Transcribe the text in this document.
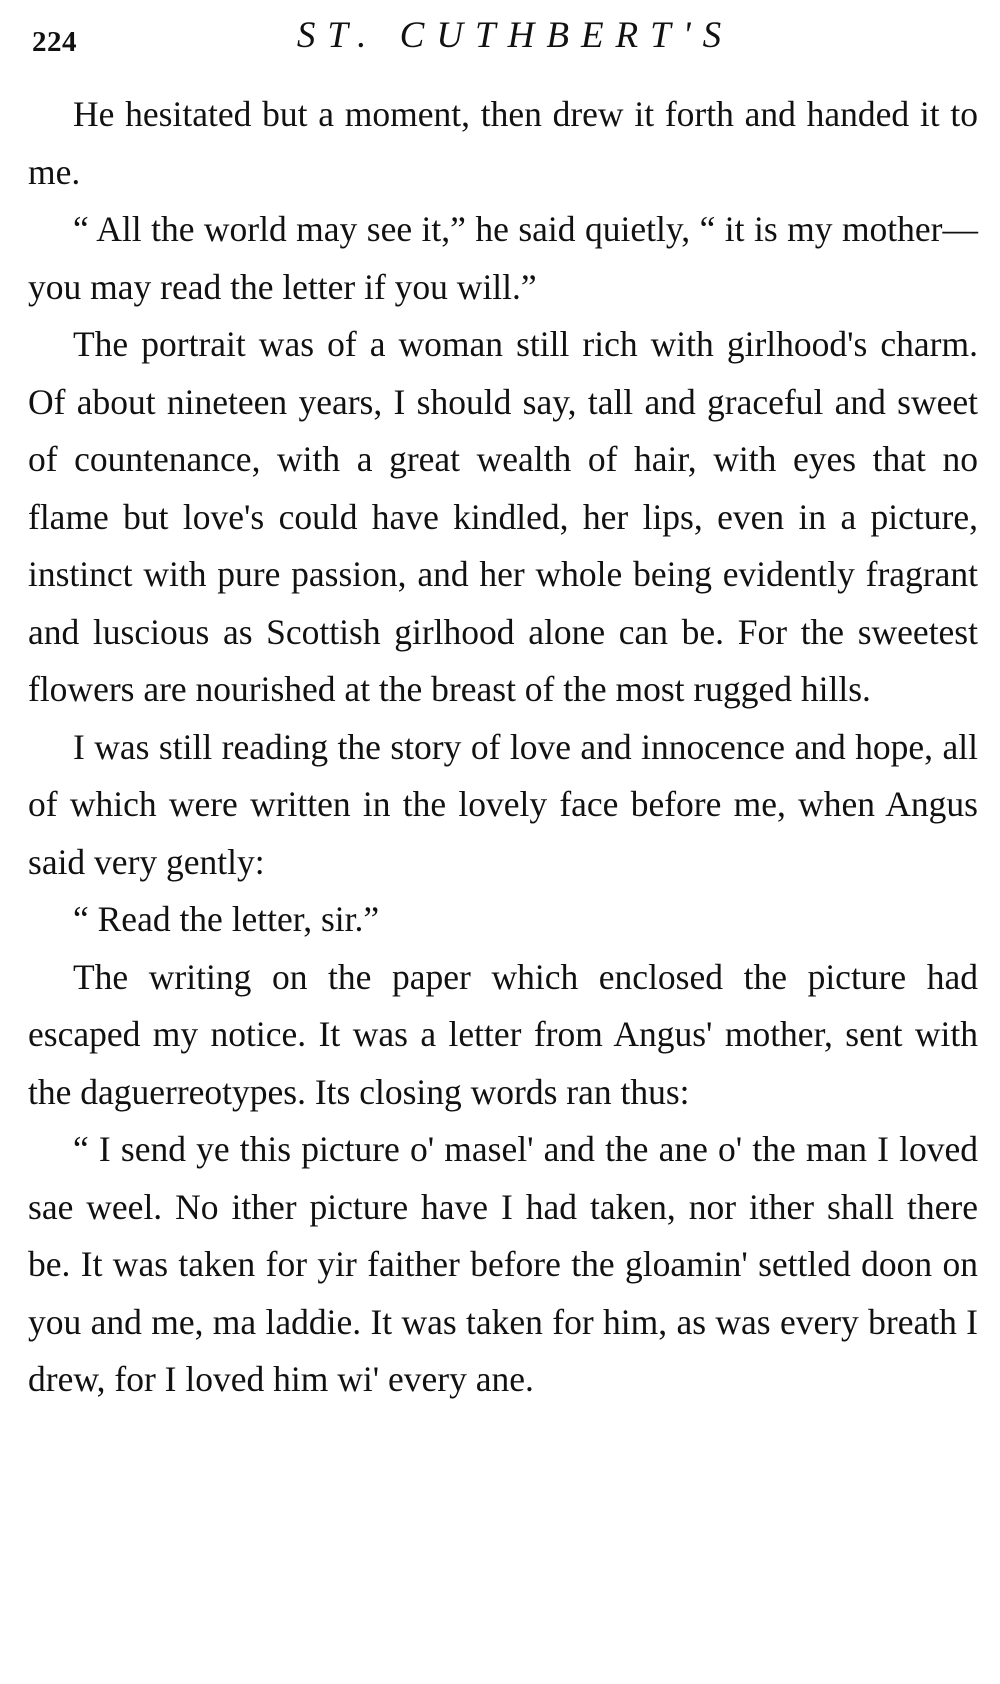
224	ST. CUTHBERT'S

He hesitated but a moment, then drew it forth and handed it to me.

“ All the world may see it,” he said quietly, “ it is my mother—you may read the letter if you will.”

The portrait was of a woman still rich with girlhood's charm. Of about nineteen years, I should say, tall and graceful and sweet of countenance, with a great wealth of hair, with eyes that no flame but love's could have kindled, her lips, even in a picture, instinct with pure passion, and her whole being evidently fragrant and luscious as Scottish girlhood alone can be. For the sweetest flowers are nourished at the breast of the most rugged hills.

I was still reading the story of love and innocence and hope, all of which were written in the lovely face before me, when Angus said very gently:

“ Read the letter, sir.”

The writing on the paper which enclosed the picture had escaped my notice. It was a letter from Angus' mother, sent with the daguerreotypes. Its closing words ran thus:

“ I send ye this picture o' masel' and the ane o' the man I loved sae weel. No ither picture have I had taken, nor ither shall there be. It was taken for yir faither before the gloamin' settled doon on you and me, ma laddie. It was taken for him, as was every breath I drew, for I loved him wi' every ane.
